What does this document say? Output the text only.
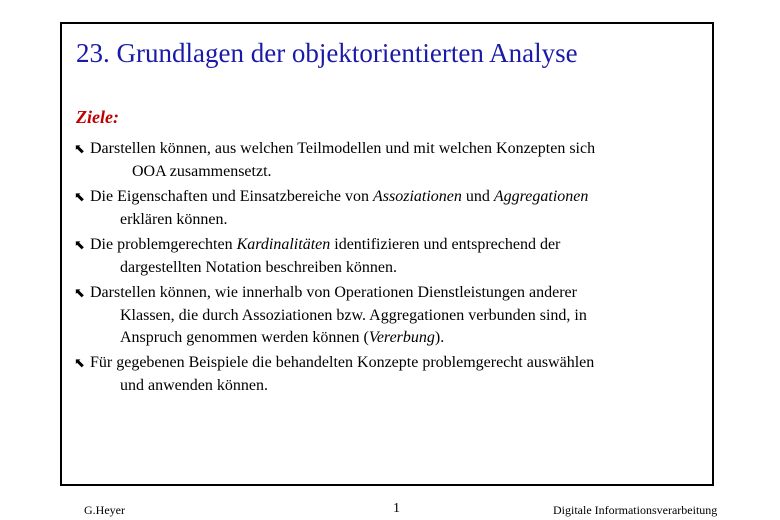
23. Grundlagen der objektorientierten Analyse
Ziele:
⬉ Darstellen können, aus welchen Teilmodellen und mit welchen Konzepten sich
OOA zusammensetzt.
⬉ Die Eigenschaften und Einsatzbereiche von Assoziationen und Aggregationen
erklären können.
⬉ Die problemgerechten Kardinalitäten identifizieren und entsprechend der
dargestellten Notation beschreiben können.
⬉ Darstellen können, wie innerhalb von Operationen Dienstleistungen anderer
Klassen, die durch Assoziationen bzw. Aggregationen verbunden sind, in
Anspruch genommen werden können (Vererbung).
⬉ Für gegebenen Beispiele die behandelten Konzepte problemgerecht auswählen
und anwenden können.
G.Heyer	1	Digitale Informationsverarbeitung
